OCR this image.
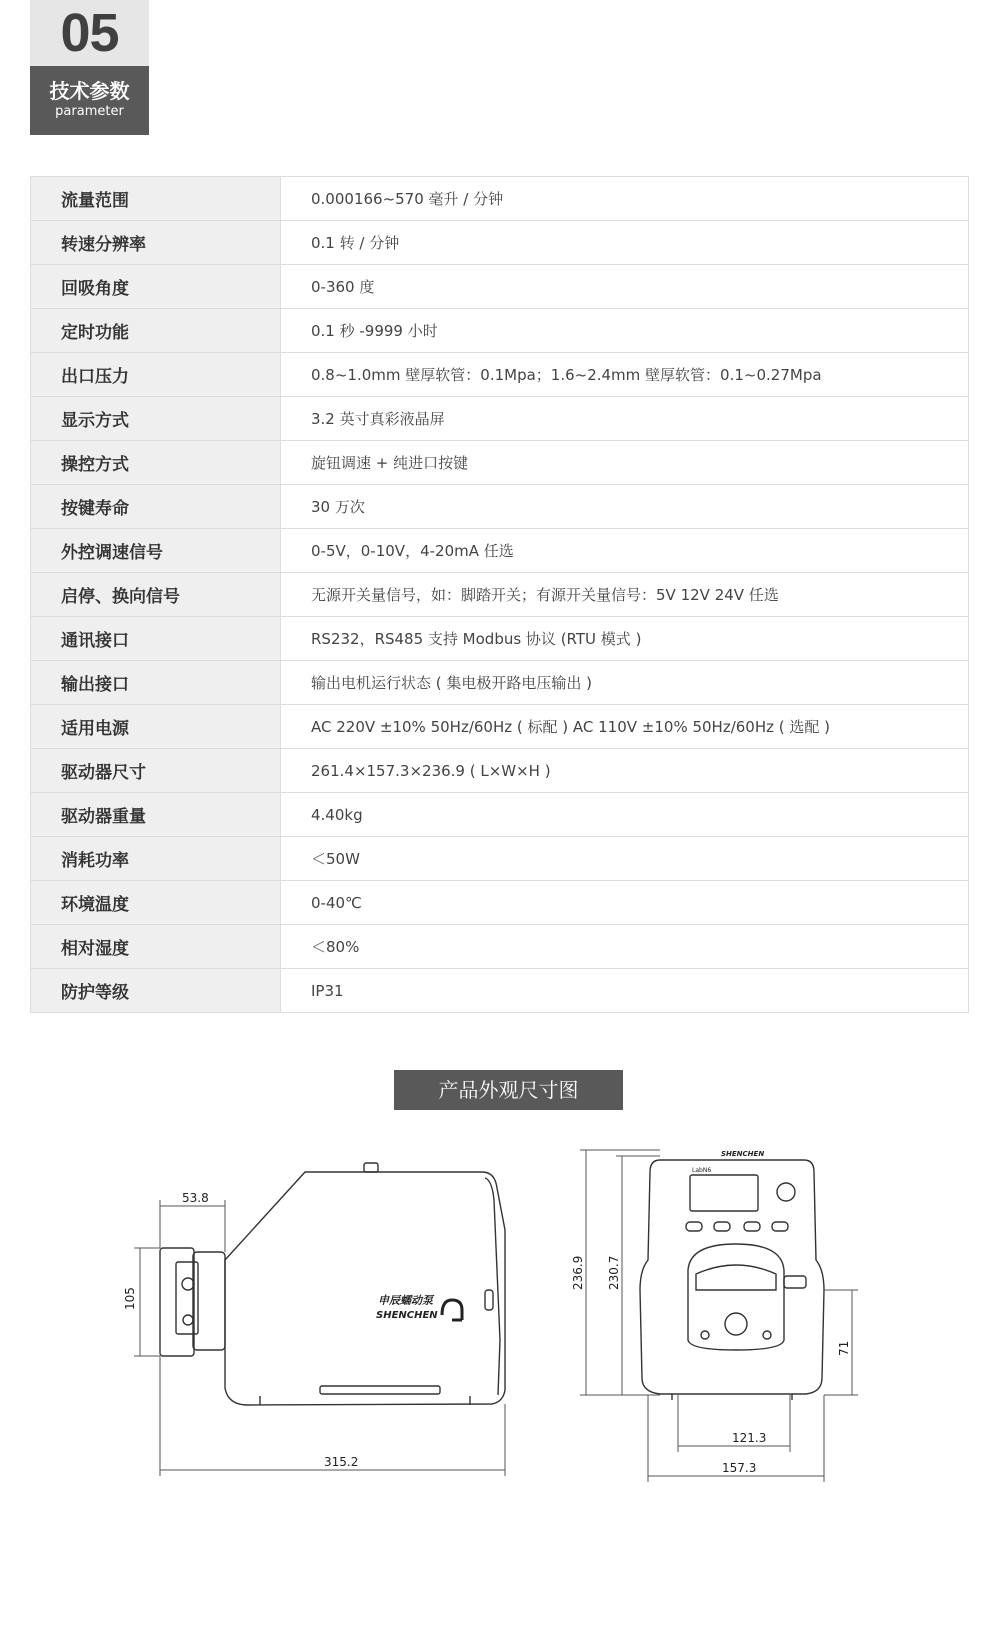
05
技术参数
parameter
流量范围	0.000166~570 毫升 / 分钟
转速分辨率	0.1 转 / 分钟
回吸角度	0-360 度
定时功能	0.1 秒 -9999 小时
出口压力	0.8~1.0mm 壁厚软管：0.1Mpa；1.6~2.4mm 壁厚软管：0.1~0.27Mpa
显示方式	3.2 英寸真彩液晶屏
操控方式	旋钮调速 + 纯进口按键
按键寿命	30 万次
外控调速信号	0-5V，0-10V，4-20mA 任选
启停、换向信号	无源开关量信号，如：脚踏开关；有源开关量信号：5V 12V 24V 任选
通讯接口	RS232，RS485 支持 Modbus 协议 (RTU 模式 )
输出接口	输出电机运行状态 ( 集电极开路电压输出 )
适用电源	AC 220V ±10% 50Hz/60Hz ( 标配 ) AC 110V ±10% 50Hz/60Hz ( 选配 )
驱动器尺寸	261.4×157.3×236.9 ( L×W×H )
驱动器重量	4.40kg
消耗功率	＜50W
环境温度	0-40℃
相对湿度	＜80%
防护等级	IP31
产品外观尺寸图
申辰蠕动泵
SHENCHEN
53.8
105
315.2
SHENCHEN
LabN6
236.9 230.7
71
121.3
157.3
